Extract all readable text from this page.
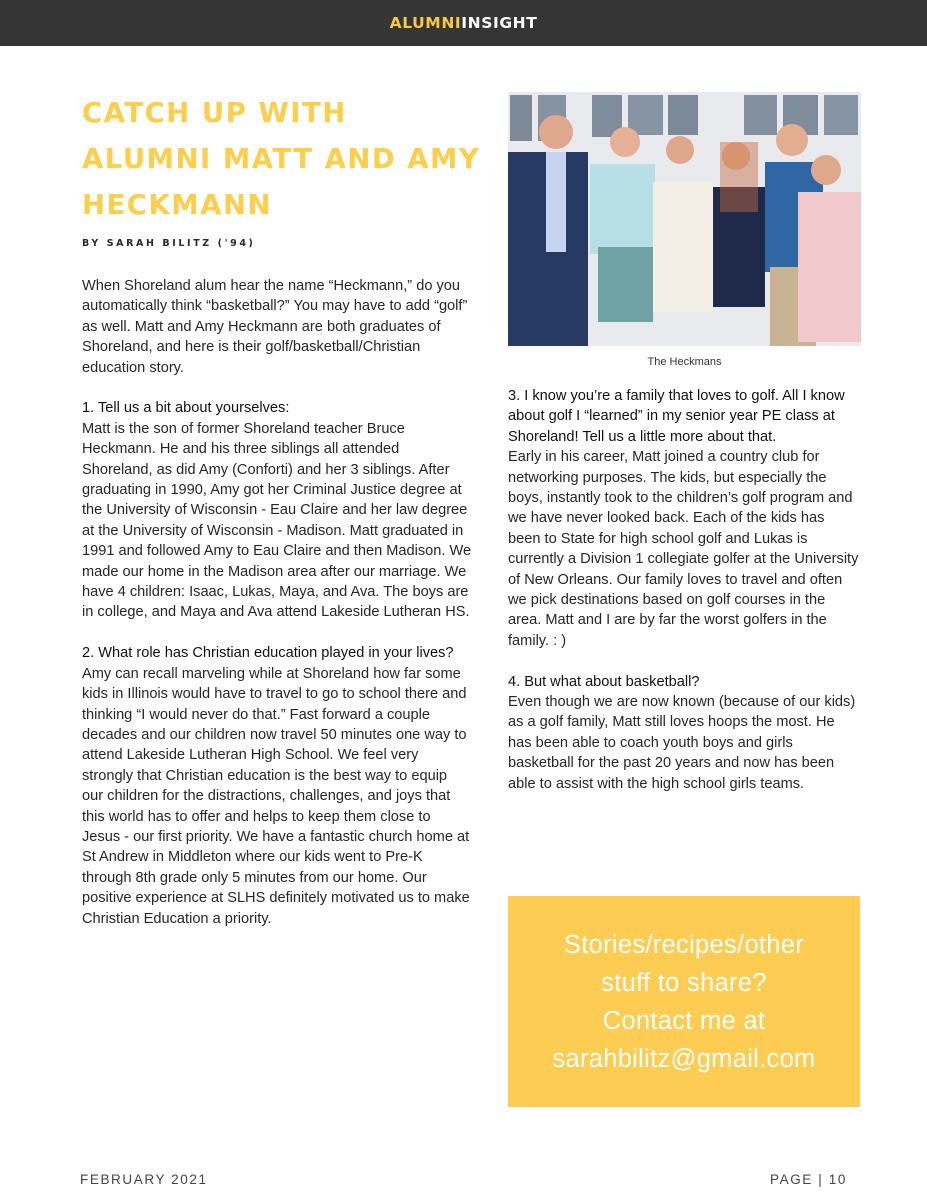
ALUMNIINSIGHT
CATCH UP WITH ALUMNI MATT AND AMY HECKMANN
BY SARAH BILITZ ('94)
When Shoreland alum hear the name “Heckmann,” do you automatically think “basketball?” You may have to add “golf” as well. Matt and Amy Heckmann are both graduates of Shoreland, and here is their golf/basketball/Christian education story.
1. Tell us a bit about yourselves:
Matt is the son of former Shoreland teacher Bruce Heckmann. He and his three siblings all attended Shoreland, as did Amy (Conforti) and her 3 siblings. After graduating in 1990, Amy got her Criminal Justice degree at the University of Wisconsin - Eau Claire and her law degree at the University of Wisconsin - Madison. Matt graduated in 1991 and followed Amy to Eau Claire and then Madison. We made our home in the Madison area after our marriage. We have 4 children: Isaac, Lukas, Maya, and Ava. The boys are in college, and Maya and Ava attend Lakeside Lutheran HS.
2. What role has Christian education played in your lives?
Amy can recall marveling while at Shoreland how far some kids in Illinois would have to travel to go to school there and thinking “I would never do that.” Fast forward a couple decades and our children now travel 50 minutes one way to attend Lakeside Lutheran High School. We feel very strongly that Christian education is the best way to equip our children for the distractions, challenges, and joys that this world has to offer and helps to keep them close to Jesus - our first priority. We have a fantastic church home at St Andrew in Middleton where our kids went to Pre-K through 8th grade only 5 minutes from our home. Our positive experience at SLHS definitely motivated us to make Christian Education a priority.
The Heckmans
3. I know you’re a family that loves to golf. All I know about golf I “learned” in my senior year PE class at Shoreland! Tell us a little more about that.
Early in his career, Matt joined a country club for networking purposes. The kids, but especially the boys, instantly took to the children’s golf program and we have never looked back. Each of the kids has been to State for high school golf and Lukas is currently a Division 1 collegiate golfer at the University of New Orleans. Our family loves to travel and often we pick destinations based on golf courses in the area. Matt and I are by far the worst golfers in the family. : )
4. But what about basketball?
Even though we are now known (because of our kids) as a golf family, Matt still loves hoops the most. He has been able to coach youth boys and girls basketball for the past 20 years and now has been able to assist with the high school girls teams.
Stories/recipes/other
stuff to share?
Contact me at
sarahbilitz@gmail.com
FEBRUARY 2021	PAGE | 10
